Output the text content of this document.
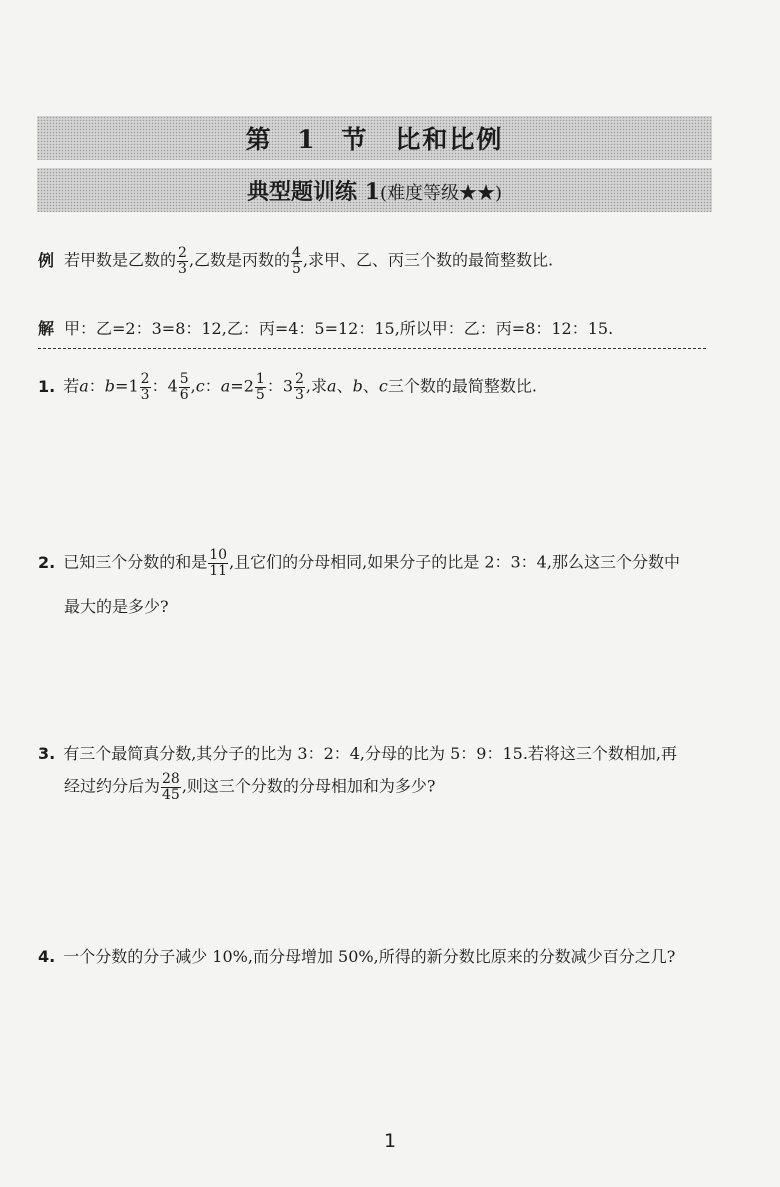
第 1 节　比和比例
典型题训练 1(难度等级★★)
例 若甲数是乙数的 $\frac{2}{3}$ ,乙数是丙数的 $\frac{4}{5}$ ,求甲、乙、丙三个数的最简整数比.
解 甲：乙=2：3=8：12,乙：丙=4：5=12：15,所以甲：乙：丙=8：12：15.
1. 若a：$b=1 \frac{2}{3}$ ：$4 \frac{5}{6} ,c$：$a=2 \frac{1}{5}$ ：$3 \frac{2}{3}$ ,求a、b、c三个数的最简整数比.
2. 已知三个分数的和是 $\frac{10}{11}$ ,且它们的分母相同,如果分子的比是 2：3：4,那么这三个分数中
最大的是多少?
3. 有三个最简真分数,其分子的比为 3：2：4,分母的比为 5：9：15.若将这三个数相加,再
经过约分后为 $\frac{28}{45}$ ,则这三个分数的分母相加和为多少?
4. 一个分数的分子减少 10%,而分母增加 50%,所得的新分数比原来的分数减少百分之几?
1
